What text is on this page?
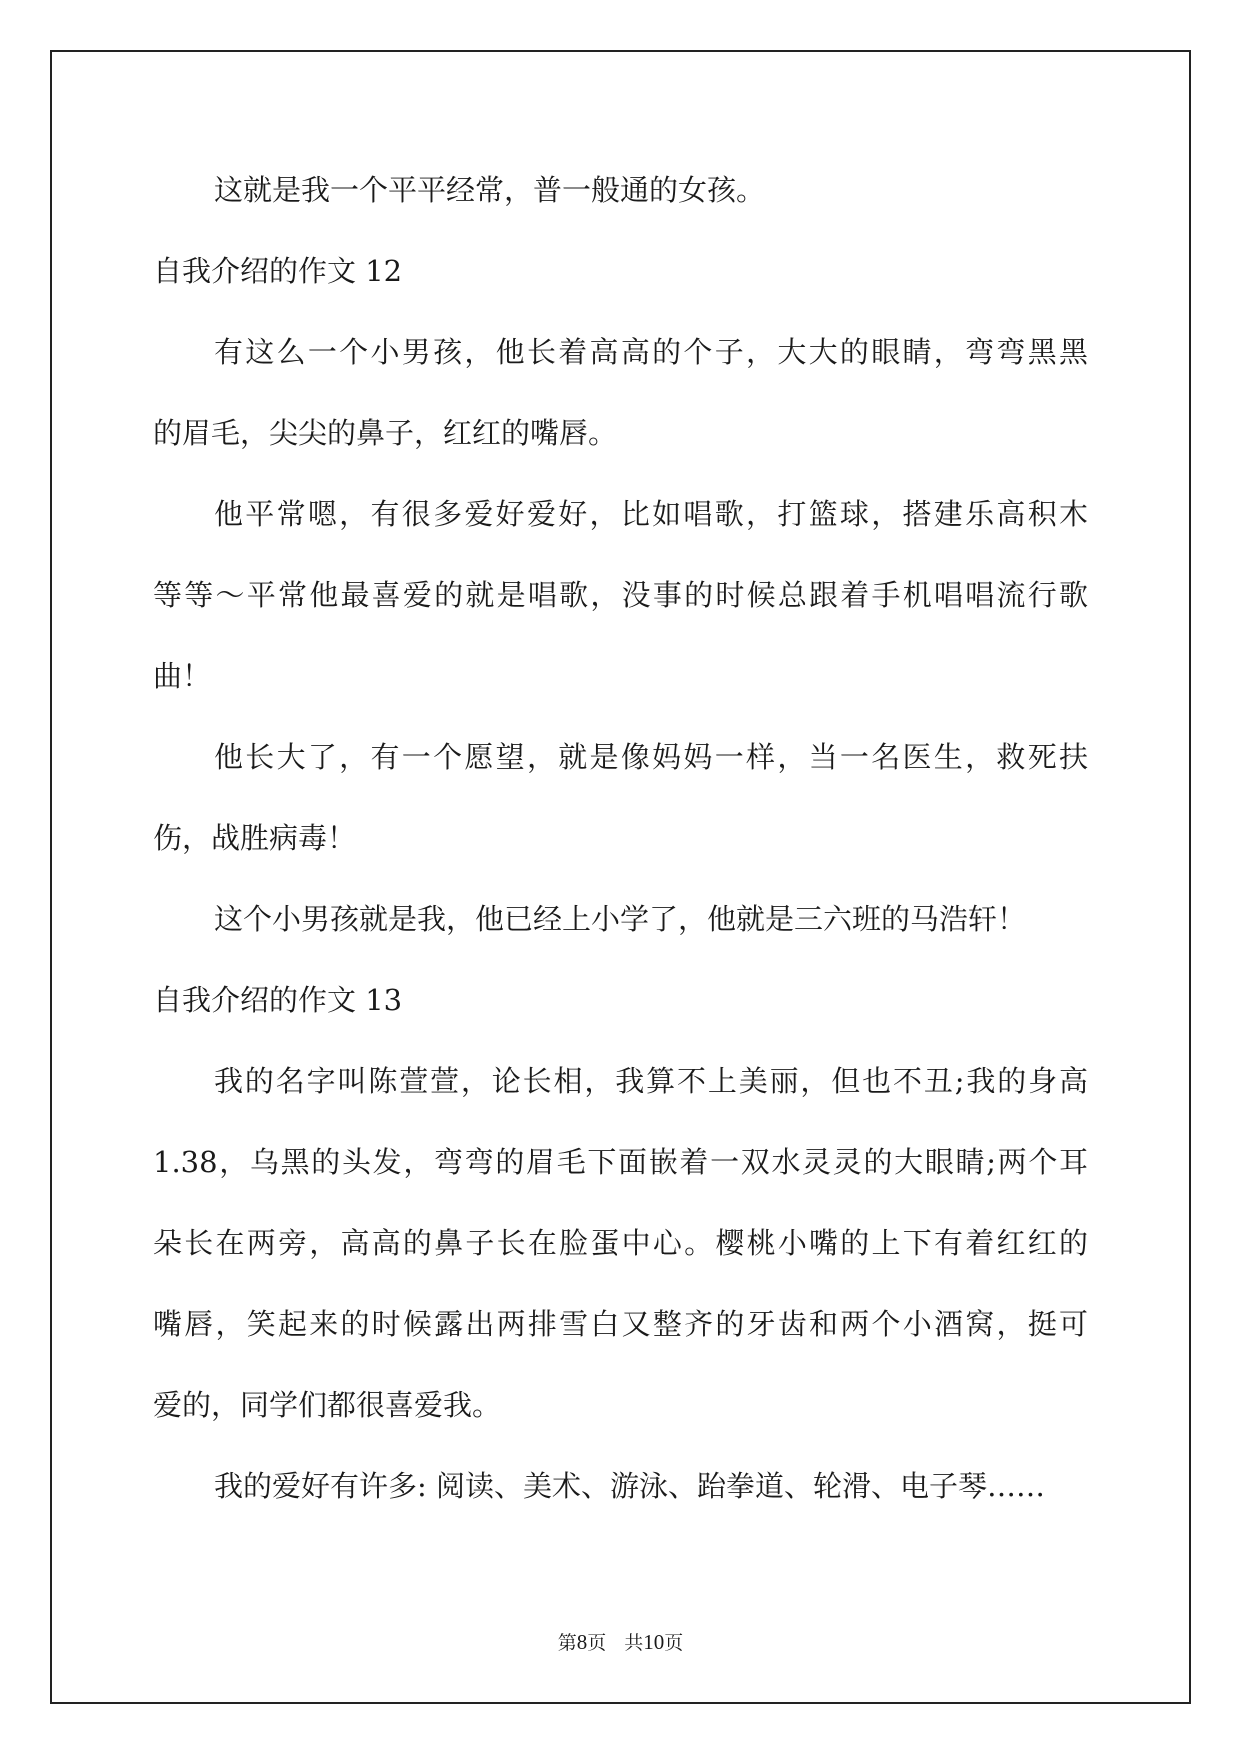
这就是我一个平平经常，普一般通的女孩。
自我介绍的作文 12
有这么一个小男孩，他长着高高的个子，大大的眼睛，弯弯黑黑
的眉毛，尖尖的鼻子，红红的嘴唇。
他平常嗯，有很多爱好爱好，比如唱歌，打篮球，搭建乐高积木
等等～平常他最喜爱的就是唱歌，没事的时候总跟着手机唱唱流行歌
曲！
他长大了，有一个愿望，就是像妈妈一样，当一名医生，救死扶
伤，战胜病毒！
这个小男孩就是我，他已经上小学了，他就是三六班的马浩轩！
自我介绍的作文 13
我的名字叫陈萱萱，论长相，我算不上美丽，但也不丑;我的身高
1.38，乌黑的头发，弯弯的眉毛下面嵌着一双水灵灵的大眼睛;两个耳
朵长在两旁，高高的鼻子长在脸蛋中心。樱桃小嘴的上下有着红红的
嘴唇，笑起来的时候露出两排雪白又整齐的牙齿和两个小酒窝，挺可
爱的，同学们都很喜爱我。
我的爱好有许多: 阅读、美术、游泳、跆拳道、轮滑、电子琴……
第8页 共10页
